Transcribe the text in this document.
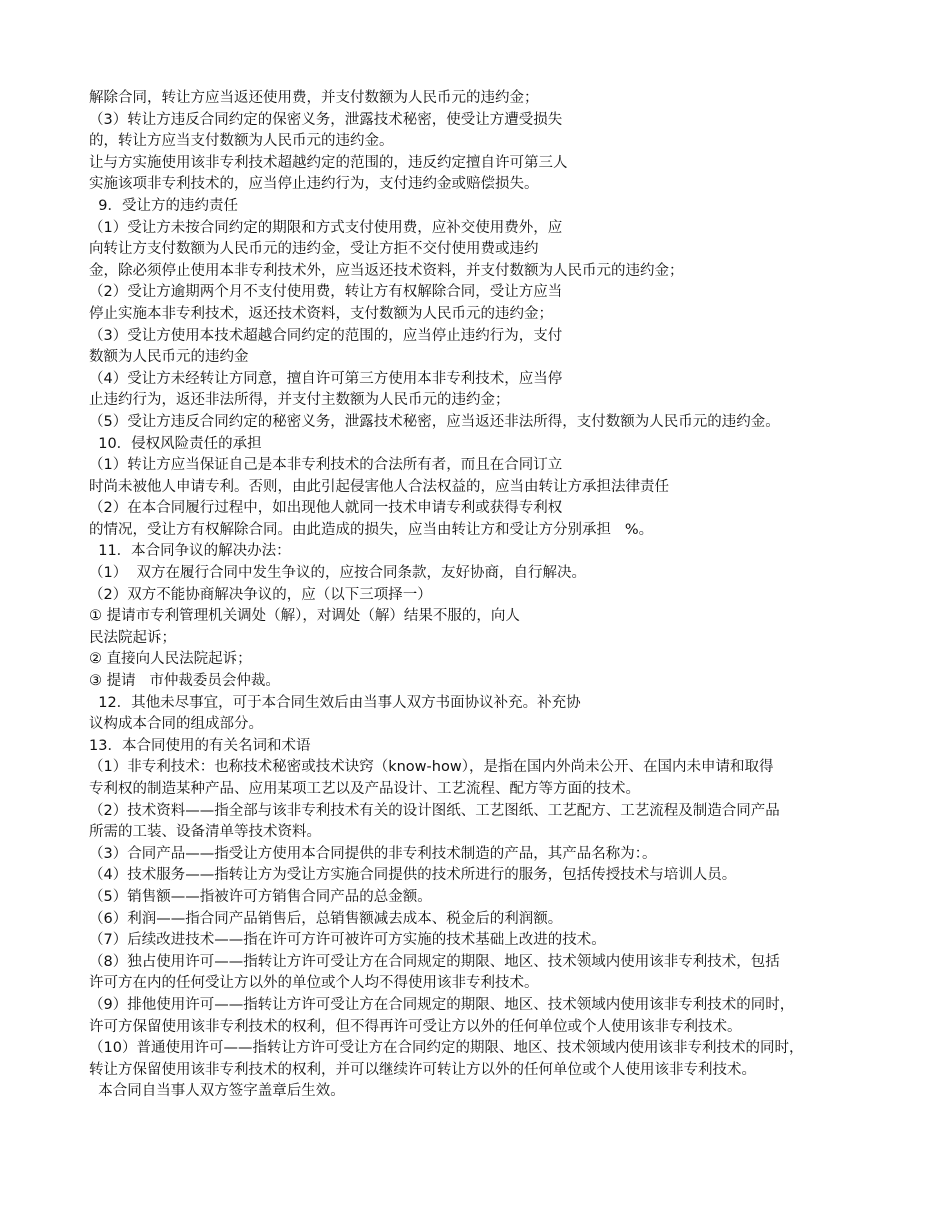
解除合同，转让方应当返还使用费，并支付数额为人民币元的违约金；
（3）转让方违反合同约定的保密义务，泄露技术秘密，使受让方遭受损失
的，转让方应当支付数额为人民币元的违约金。
让与方实施使用该非专利技术超越约定的范围的，违反约定擅自许可第三人
实施该项非专利技术的，应当停止违约行为，支付违约金或赔偿损失。
9．受让方的违约责任
（1）受让方未按合同约定的期限和方式支付使用费，应补交使用费外，应
向转让方支付数额为人民币元的违约金，受让方拒不交付使用费或违约
金，除必须停止使用本非专利技术外，应当返还技术资料，并支付数额为人民币元的违约金；
（2）受让方逾期两个月不支付使用费，转让方有权解除合同，受让方应当
停止实施本非专利技术，返还技术资料，支付数额为人民币元的违约金；
（3）受让方使用本技术超越合同约定的范围的，应当停止违约行为，支付
数额为人民币元的违约金
（4）受让方未经转让方同意，擅自许可第三方使用本非专利技术，应当停
止违约行为，返还非法所得，并支付主数额为人民币元的违约金；
（5）受让方违反合同约定的秘密义务，泄露技术秘密，应当返还非法所得，支付数额为人民币元的违约金。
10．侵权风险责任的承担
（1）转让方应当保证自己是本非专利技术的合法所有者，而且在合同订立
时尚未被他人申请专利。否则，由此引起侵害他人合法权益的，应当由转让方承担法律责任
（2）在本合同履行过程中，如出现他人就同一技术申请专利或获得专利权
的情况，受让方有权解除合同。由此造成的损失，应当由转让方和受让方分别承担   %。
11．本合同争议的解决办法：
（1）  双方在履行合同中发生争议的，应按合同条款，友好协商，自行解决。
（2）双方不能协商解决争议的，应（以下三项择一）
① 提请市专利管理机关调处（解），对调处（解）结果不服的，向人
民法院起诉；
② 直接向人民法院起诉；
③ 提请   市仲裁委员会仲裁。
12．其他未尽事宜，可于本合同生效后由当事人双方书面协议补充。补充协
议构成本合同的组成部分。
13．本合同使用的有关名词和术语
（1）非专利技术：也称技术秘密或技术诀窍（know-how），是指在国内外尚未公开、在国内未申请和取得
专利权的制造某种产品、应用某项工艺以及产品设计、工艺流程、配方等方面的技术。
（2）技术资料——指全部与该非专利技术有关的设计图纸、工艺图纸、工艺配方、工艺流程及制造合同产品
所需的工装、设备清单等技术资料。
（3）合同产品——指受让方使用本合同提供的非专利技术制造的产品，其产品名称为：。
（4）技术服务——指转让方为受让方实施合同提供的技术所进行的服务，包括传授技术与培训人员。
（5）销售额——指被许可方销售合同产品的总金额。
（6）利润——指合同产品销售后，总销售额减去成本、税金后的利润额。
（7）后续改进技术——指在许可方许可被许可方实施的技术基础上改进的技术。
（8）独占使用许可——指转让方许可受让方在合同规定的期限、地区、技术领域内使用该非专利技术，包括
许可方在内的任何受让方以外的单位或个人均不得使用该非专利技术。
（9）排他使用许可——指转让方许可受让方在合同规定的期限、地区、技术领域内使用该非专利技术的同时，
许可方保留使用该非专利技术的权利，但不得再许可受让方以外的任何单位或个人使用该非专利技术。
（10）普通使用许可——指转让方许可受让方在合同约定的期限、地区、技术领域内使用该非专利技术的同时，
转让方保留使用该非专利技术的权利，并可以继续许可转让方以外的任何单位或个人使用该非专利技术。
本合同自当事人双方签字盖章后生效。
